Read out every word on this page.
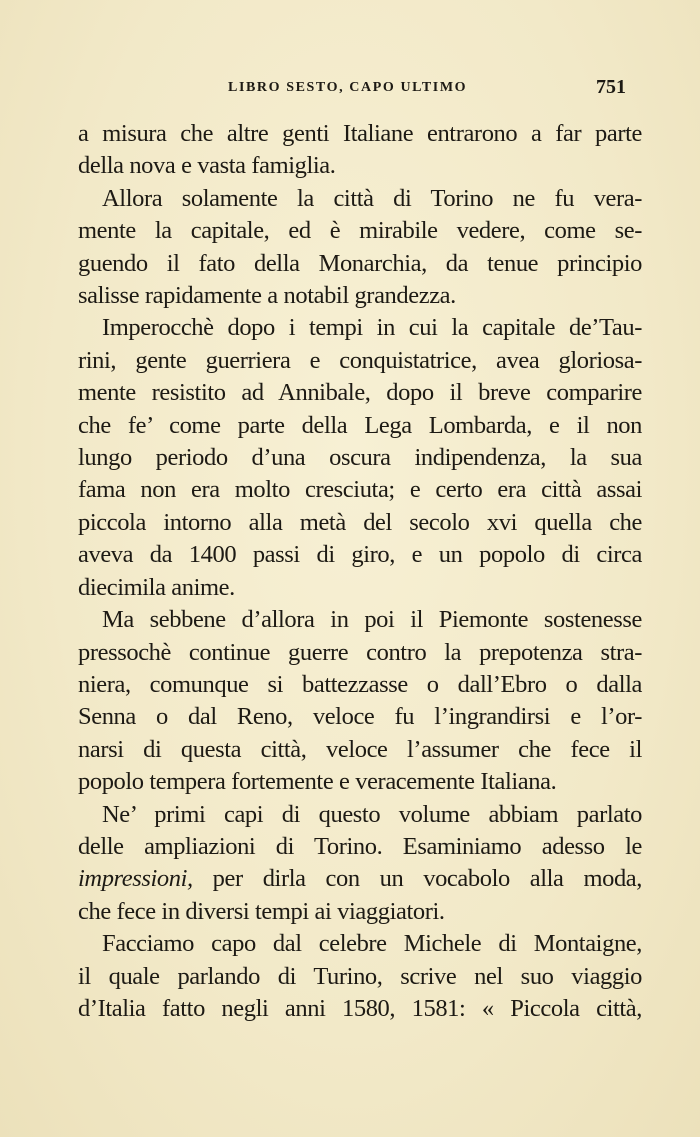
LIBRO SESTO, CAPO ULTIMO	751
a misura che altre genti Italiane entrarono a far parte
della nova e vasta famiglia.
Allora solamente la città di Torino ne fu vera-
mente la capitale, ed è mirabile vedere, come se-
guendo il fato della Monarchia, da tenue principio
salisse rapidamente a notabil grandezza.
Imperocchè dopo i tempi in cui la capitale de’Tau-
rini, gente guerriera e conquistatrice, avea gloriosa-
mente resistito ad Annibale, dopo il breve comparire
che fe’ come parte della Lega Lombarda, e il non
lungo periodo d’una oscura indipendenza, la sua
fama non era molto cresciuta; e certo era città assai
piccola intorno alla metà del secolo xvi quella che
aveva da 1400 passi di giro, e un popolo di circa
diecimila anime.
Ma sebbene d’allora in poi il Piemonte sostenesse
pressochè continue guerre contro la prepotenza stra-
niera, comunque si battezzasse o dall’Ebro o dalla
Senna o dal Reno, veloce fu l’ingrandirsi e l’or-
narsi di questa città, veloce l’assumer che fece il
popolo tempera fortemente e veracemente Italiana.
Ne’ primi capi di questo volume abbiam parlato
delle ampliazioni di Torino. Esaminiamo adesso le
impressioni, per dirla con un vocabolo alla moda,
che fece in diversi tempi ai viaggiatori.
Facciamo capo dal celebre Michele di Montaigne,
il quale parlando di Turino, scrive nel suo viaggio
d’Italia fatto negli anni 1580, 1581: « Piccola città,
